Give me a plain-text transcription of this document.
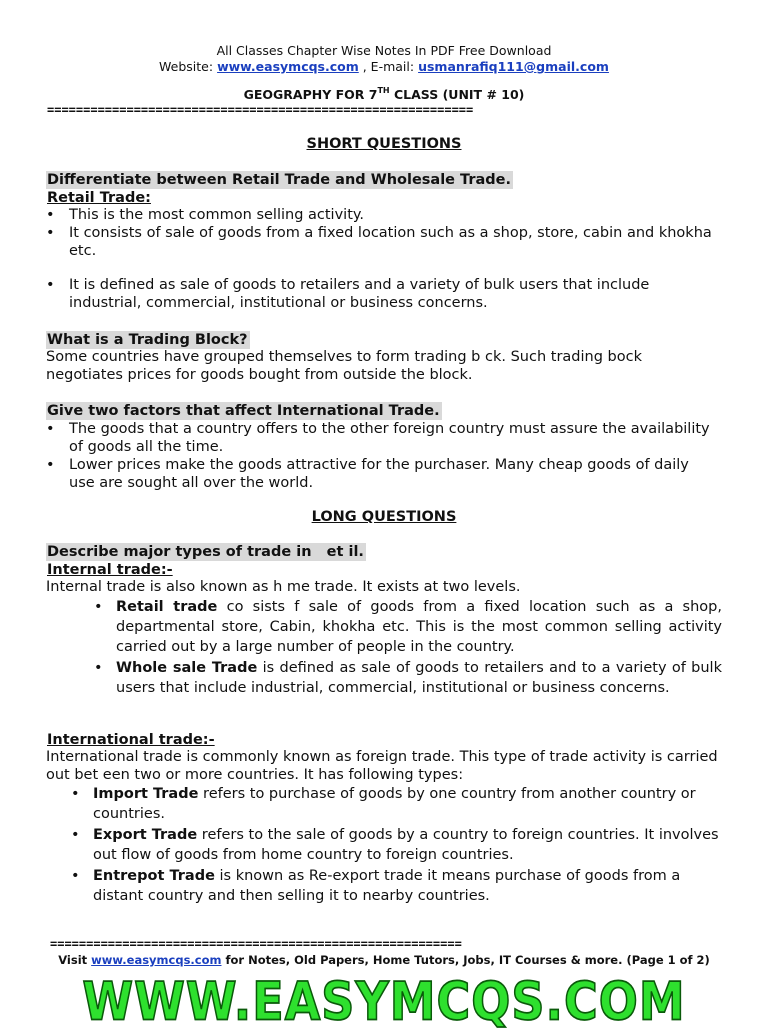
All Classes Chapter Wise Notes In PDF Free Download
Website: www.easymcqs.com , E-mail: usmanrafiq111@gmail.com
GEOGRAPHY FOR 7TH CLASS (UNIT # 10)
===========================================================
SHORT QUESTIONS
Differentiate between Retail Trade and Wholesale Trade.
Retail Trade:
• This is the most common selling activity.
• It consists of sale of goods from a fixed location such as a shop, store, cabin and khokha etc.
• It is defined as sale of goods to retailers and a variety of bulk users that include industrial, commercial, institutional or business concerns.
What is a Trading Block?

Some countries have grouped themselves to form trading b ck. Such trading bock negotiates prices for goods bought from outside the block.

Give two factors that affect International Trade.
• The goods that a country offers to the other foreign country must assure the availability of goods all the time.
• Lower prices make the goods attractive for the purchaser. Many cheap goods of daily use are sought all over the world.
LONG QUESTIONS
Describe major types of trade in   et il.
Internal trade:-

Internal trade is also known as h me trade. It exists at two levels.

• Retail trade co sists f sale of goods from a fixed location such as a shop, departmental store, Cabin, khokha etc. This is the most common selling activity carried out by a large number of people in the country.
• Whole sale Trade is defined as sale of goods to retailers and to a variety of bulk users that include industrial, commercial, institutional or business concerns.
International trade:-

International trade is commonly known as foreign trade. This type of trade activity is carried out bet een two or more countries. It has following types:

• Import Trade refers to purchase of goods by one country from another country or countries.
• Export Trade refers to the sale of goods by a country to foreign countries. It involves out flow of goods from home country to foreign countries.
• Entrepot Trade is known as Re-export trade it means purchase of goods from a distant country and then selling it to nearby countries.
=========================================================
Visit www.easymcqs.com for Notes, Old Papers, Home Tutors, Jobs, IT Courses & more. (Page 1 of 2)
WWW.EASYMCQS.COM
